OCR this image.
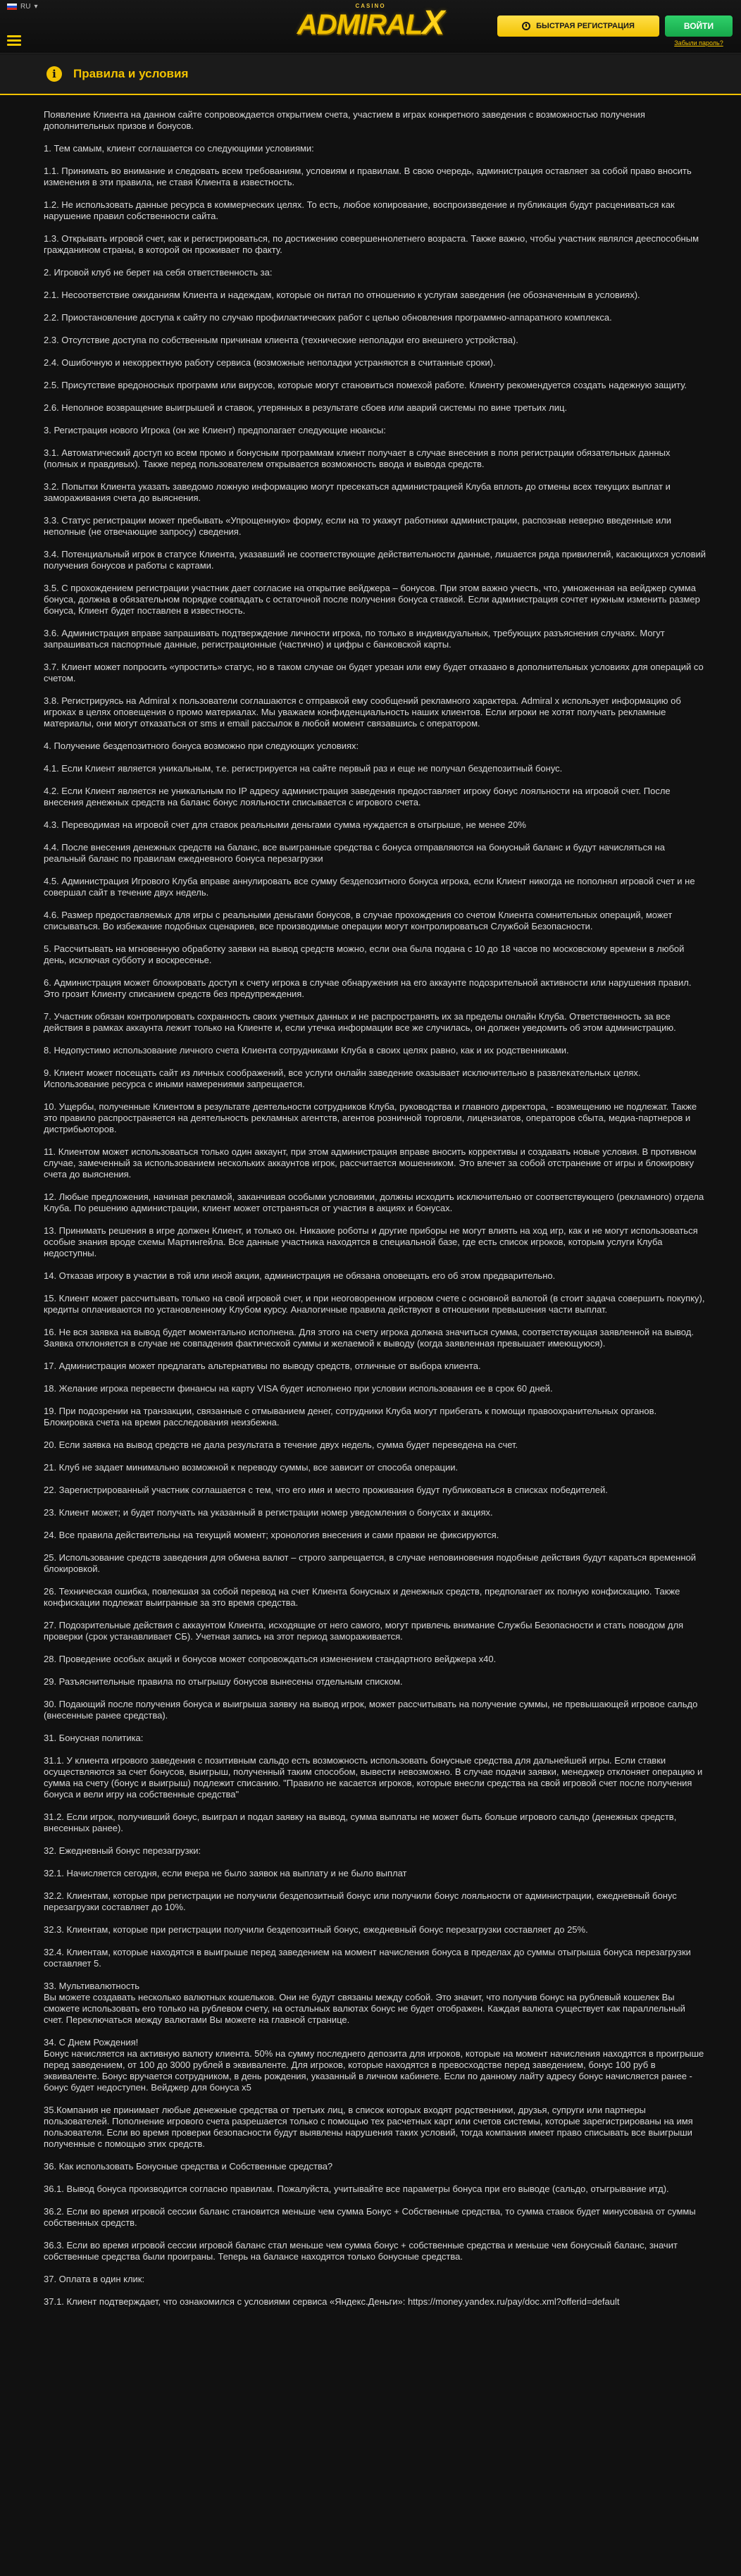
RU ▾	CASINO
ADMIRALX	БЫСТРАЯ РЕГИСТРАЦИЯ	ВОЙТИ
Забыли пароль?
i	Правила и условия
Появление Клиента на данном сайте сопровождается открытием счета, участием в играх конкретного заведения с возможностью получения дополнительных призов и бонусов.
1. Тем самым, клиент соглашается со следующими условиями:
1.1. Принимать во внимание и следовать всем требованиям, условиям и правилам. В свою очередь, администрация оставляет за собой право вносить изменения в эти правила, не ставя Клиента в известность.
1.2. Не использовать данные ресурса в коммерческих целях. То есть, любое копирование, воспроизведение и публикация будут расцениваться как нарушение правил собственности сайта.
1.3. Открывать игровой счет, как и регистрироваться, по достижению совершеннолетнего возраста. Также важно, чтобы участник являлся дееспособным гражданином страны, в которой он проживает по факту.
2. Игровой клуб не берет на себя ответственность за:
2.1. Несоответствие ожиданиям Клиента и надеждам, которые он питал по отношению к услугам заведения (не обозначенным в условиях).
2.2. Приостановление доступа к сайту по случаю профилактических работ с целью обновления программно-аппаратного комплекса.
2.3. Отсутствие доступа по собственным причинам клиента (технические неполадки его внешнего устройства).
2.4. Ошибочную и некорректную работу сервиса (возможные неполадки устраняются в считанные сроки).
2.5. Присутствие вредоносных программ или вирусов, которые могут становиться помехой работе. Клиенту рекомендуется создать надежную защиту.
2.6. Неполное возвращение выигрышей и ставок, утерянных в результате сбоев или аварий системы по вине третьих лиц.
3. Регистрация нового Игрока (он же Клиент) предполагает следующие нюансы:
3.1. Автоматический доступ ко всем промо и бонусным программам клиент получает в случае внесения в поля регистрации обязательных данных (полных и правдивых). Также перед пользователем открывается возможность ввода и вывода средств.
3.2. Попытки Клиента указать заведомо ложную информацию могут пресекаться администрацией Клуба вплоть до отмены всех текущих выплат и замораживания счета до выяснения.
3.3. Статус регистрации может пребывать «Упрощенную» форму, если на то укажут работники администрации, распознав неверно введенные или неполные (не отвечающие запросу) сведения.
3.4. Потенциальный игрок в статусе Клиента, указавший не соответствующие действительности данные, лишается ряда привилегий, касающихся условий получения бонусов и работы с картами.
3.5. С прохождением регистрации участник дает согласие на открытие вейджера – бонусов. При этом важно учесть, что, умноженная на вейджер сумма бонуса, должна в обязательном порядке совпадать с остаточной после получения бонуса ставкой. Если администрация сочтет нужным изменить размер бонуса, Клиент будет поставлен в известность.
3.6. Администрация вправе запрашивать подтверждение личности игрока, по только в индивидуальных, требующих разъяснения случаях. Могут запрашиваться паспортные данные, регистрационные (частично) и цифры с банковской карты.
3.7. Клиент может попросить «упростить» статус, но в таком случае он будет урезан или ему будет отказано в дополнительных условиях для операций со счетом.
3.8. Регистрируясь на Admiral x пользователи соглашаются с отправкой ему сообщений рекламного характера. Admiral x использует информацию об игроках в целях оповещения о промо материалах. Мы уважаем конфиденциальность наших клиентов. Если игроки не хотят получать рекламные материалы, они могут отказаться от sms и email рассылок в любой момент связавшись с оператором.
4. Получение бездепозитного бонуса возможно при следующих условиях:
4.1. Если Клиент является уникальным, т.е. регистрируется на сайте первый раз и еще не получал бездепозитный бонус.
4.2. Если Клиент является не уникальным по IP адресу администрация заведения предоставляет игроку бонус лояльности на игровой счет. После внесения денежных средств на баланс бонус лояльности списывается с игрового счета.
4.3. Переводимая на игровой счет для ставок реальными деньгами сумма нуждается в отыгрыше, не менее 20%
4.4. После внесения денежных средств на баланс, все выигранные средства с бонуса отправляются на бонусный баланс и будут начисляться на реальный баланс по правилам ежедневного бонуса перезагрузки
4.5. Администрация Игрового Клуба вправе аннулировать все сумму бездепозитного бонуса игрока, если Клиент никогда не пополнял игровой счет и не совершал сайт в течение двух недель.
4.6. Размер предоставляемых для игры с реальными деньгами бонусов, в случае прохождения со счетом Клиента сомнительных операций, может списываться. Во избежание подобных сценариев, все производимые операции могут контролироваться Службой Безопасности.
5. Рассчитывать на мгновенную обработку заявки на вывод средств можно, если она была подана с 10 до 18 часов по московскому времени в любой день, исключая субботу и воскресенье.
6. Администрация может блокировать доступ к счету игрока в случае обнаружения на его аккаунте подозрительной активности или нарушения правил. Это грозит Клиенту списанием средств без предупреждения.
7. Участник обязан контролировать сохранность своих учетных данных и не распространять их за пределы онлайн Клуба. Ответственность за все действия в рамках аккаунта лежит только на Клиенте и, если утечка информации все же случилась, он должен уведомить об этом администрацию.
8. Недопустимо использование личного счета Клиента сотрудниками Клуба в своих целях равно, как и их родственниками.
9. Клиент может посещать сайт из личных соображений, все услуги онлайн заведение оказывает исключительно в развлекательных целях. Использование ресурса с иными намерениями запрещается.
10. Ущербы, полученные Клиентом в результате деятельности сотрудников Клуба, руководства и главного директора, - возмещению не подлежат. Также это правило распространяется на деятельность рекламных агентств, агентов розничной торговли, лицензиатов, операторов сбыта, медиа-партнеров и дистрибьюторов.
11. Клиентом может использоваться только один аккаунт, при этом администрация вправе вносить коррективы и создавать новые условия. В противном случае, замеченный за использованием нескольких аккаунтов игрок, рассчитается мошенником. Это влечет за собой отстранение от игры и блокировку счета до выяснения.
12. Любые предложения, начиная рекламой, заканчивая особыми условиями, должны исходить исключительно от соответствующего (рекламного) отдела Клуба. По решению администрации, клиент может отстраняться от участия в акциях и бонусах.
13. Принимать решения в игре должен Клиент, и только он. Никакие роботы и другие приборы не могут влиять на ход игр, как и не могут использоваться особые знания вроде схемы Мартингейла. Все данные участника находятся в специальной базе, где есть список игроков, которым услуги Клуба недоступны.
14. Отказав игроку в участии в той или иной акции, администрация не обязана оповещать его об этом предварительно.
15. Клиент может рассчитывать только на свой игровой счет, и при неоговоренном игровом счете с основной валютой (в стоит задача совершить покупку), кредиты оплачиваются по установленному Клубом курсу. Аналогичные правила действуют в отношении превышения части выплат.
16. Не вся заявка на вывод будет моментально исполнена. Для этого на счету игрока должна значиться сумма, соответствующая заявленной на вывод. Заявка отклоняется в случае не совпадения фактической суммы и желаемой к выводу (когда заявленная превышает имеющуюся).
17. Администрация может предлагать альтернативы по выводу средств, отличные от выбора клиента.
18. Желание игрока перевести финансы на карту VISA будет исполнено при условии использования ее в срок 60 дней.
19. При подозрении на транзакции, связанные с отмыванием денег, сотрудники Клуба могут прибегать к помощи правоохранительных органов. Блокировка счета на время расследования неизбежна.
20. Если заявка на вывод средств не дала результата в течение двух недель, сумма будет переведена на счет.
21. Клуб не задает минимально возможной к переводу суммы, все зависит от способа операции.
22. Зарегистрированный участник соглашается с тем, что его имя и место проживания будут публиковаться в списках победителей.
23. Клиент может; и будет получать на указанный в регистрации номер уведомления о бонусах и акциях.
24. Все правила действительны на текущий момент; хронология внесения и сами правки не фиксируются.
25. Использование средств заведения для обмена валют – строго запрещается, в случае неповиновения подобные действия будут караться временной блокировкой.
26. Техническая ошибка, повлекшая за собой перевод на счет Клиента бонусных и денежных средств, предполагает их полную конфискацию. Также конфискации подлежат выигранные за это время средства.
27. Подозрительные действия с аккаунтом Клиента, исходящие от него самого, могут привлечь внимание Службы Безопасности и стать поводом для проверки (срок устанавливает СБ). Учетная запись на этот период замораживается.
28. Проведение особых акций и бонусов может сопровождаться изменением стандартного вейджера x40.
29. Разъяснительные правила по отыгрышу бонусов вынесены отдельным списком.
30. Подающий после получения бонуса и выигрыша заявку на вывод игрок, может рассчитывать на получение суммы, не превышающей игровое сальдо (внесенные ранее средства).
31. Бонусная политика:
31.1. У клиента игрового заведения с позитивным сальдо есть возможность использовать бонусные средства для дальнейшей игры. Если ставки осуществляются за счет бонусов, выигрыш, полученный таким способом, вывести невозможно. В случае подачи заявки, менеджер отклоняет операцию и сумма на счету (бонус и выигрыш) подлежит списанию. "Правило не касается игроков, которые внесли средства на свой игровой счет после получения бонуса и вели игру на собственные средства"
31.2. Если игрок, получивший бонус, выиграл и подал заявку на вывод, сумма выплаты не может быть больше игрового сальдо (денежных средств, внесенных ранее).
32. Ежедневный бонус перезагрузки:
32.1. Начисляется сегодня, если вчера не было заявок на выплату и не было выплат
32.2. Клиентам, которые при регистрации не получили бездепозитный бонус или получили бонус лояльности от администрации, ежедневный бонус перезагрузки составляет до 10%.
32.3. Клиентам, которые при регистрации получили бездепозитный бонус, ежедневный бонус перезагрузки составляет до 25%.
32.4. Клиентам, которые находятся в выигрыше перед заведением на момент начисления бонуса в пределах до суммы отыгрыша бонуса перезагрузки составляет 5.
33. Мультивалютность
Вы можете создавать несколько валютных кошельков. Они не будут связаны между собой. Это значит, что получив бонус на рублевый кошелек Вы сможете использовать его только на рублевом счету, на остальных валютах бонус не будет отображен. Каждая валюта существует как параллельный счет. Переключаться между валютами Вы можете на главной странице.
34. С Днем Рождения!
Бонус начисляется на активную валюту клиента. 50% на сумму последнего депозита для игроков, которые на момент начисления находятся в проигрыше перед заведением, от 100 до 3000 рублей в эквиваленте. Для игроков, которые находятся в превосходстве перед заведением, бонус 100 руб в эквиваленте. Бонус вручается сотрудником, в день рождения, указанный в личном кабинете. Если по данному лайту адресу бонус начисляется ранее - бонус будет недоступен. Вейджер для бонуса x5
35.Компания не принимает любые денежные средства от третьих лиц, в список которых входят родственники, друзья, супруги или партнеры пользователей. Пополнение игрового счета разрешается только с помощью тех расчетных карт или счетов системы, которые зарегистрированы на имя пользователя. Если во время проверки безопасности будут выявлены нарушения таких условий, тогда компания имеет право списывать все выигрыши полученные с помощью этих средств.
36. Как использовать Бонусные средства и Собственные средства?
36.1. Вывод бонуса производится согласно правилам. Пожалуйста, учитывайте все параметры бонуса при его выводе (сальдо, отыгрывание итд).
36.2. Если во время игровой сессии баланс становится меньше чем сумма Бонус + Собственные средства, то сумма ставок будет минусована от суммы собственных средств.
36.3. Если во время игровой сессии игровой баланс стал меньше чем сумма бонус + собственные средства и меньше чем бонусный баланс, значит собственные средства были проиграны. Теперь на балансе находятся только бонусные средства.
37. Оплата в один клик:
37.1. Клиент подтверждает, что ознакомился с условиями сервиса «Яндекс.Деньги»: https://money.yandex.ru/pay/doc.xml?offerid=default
